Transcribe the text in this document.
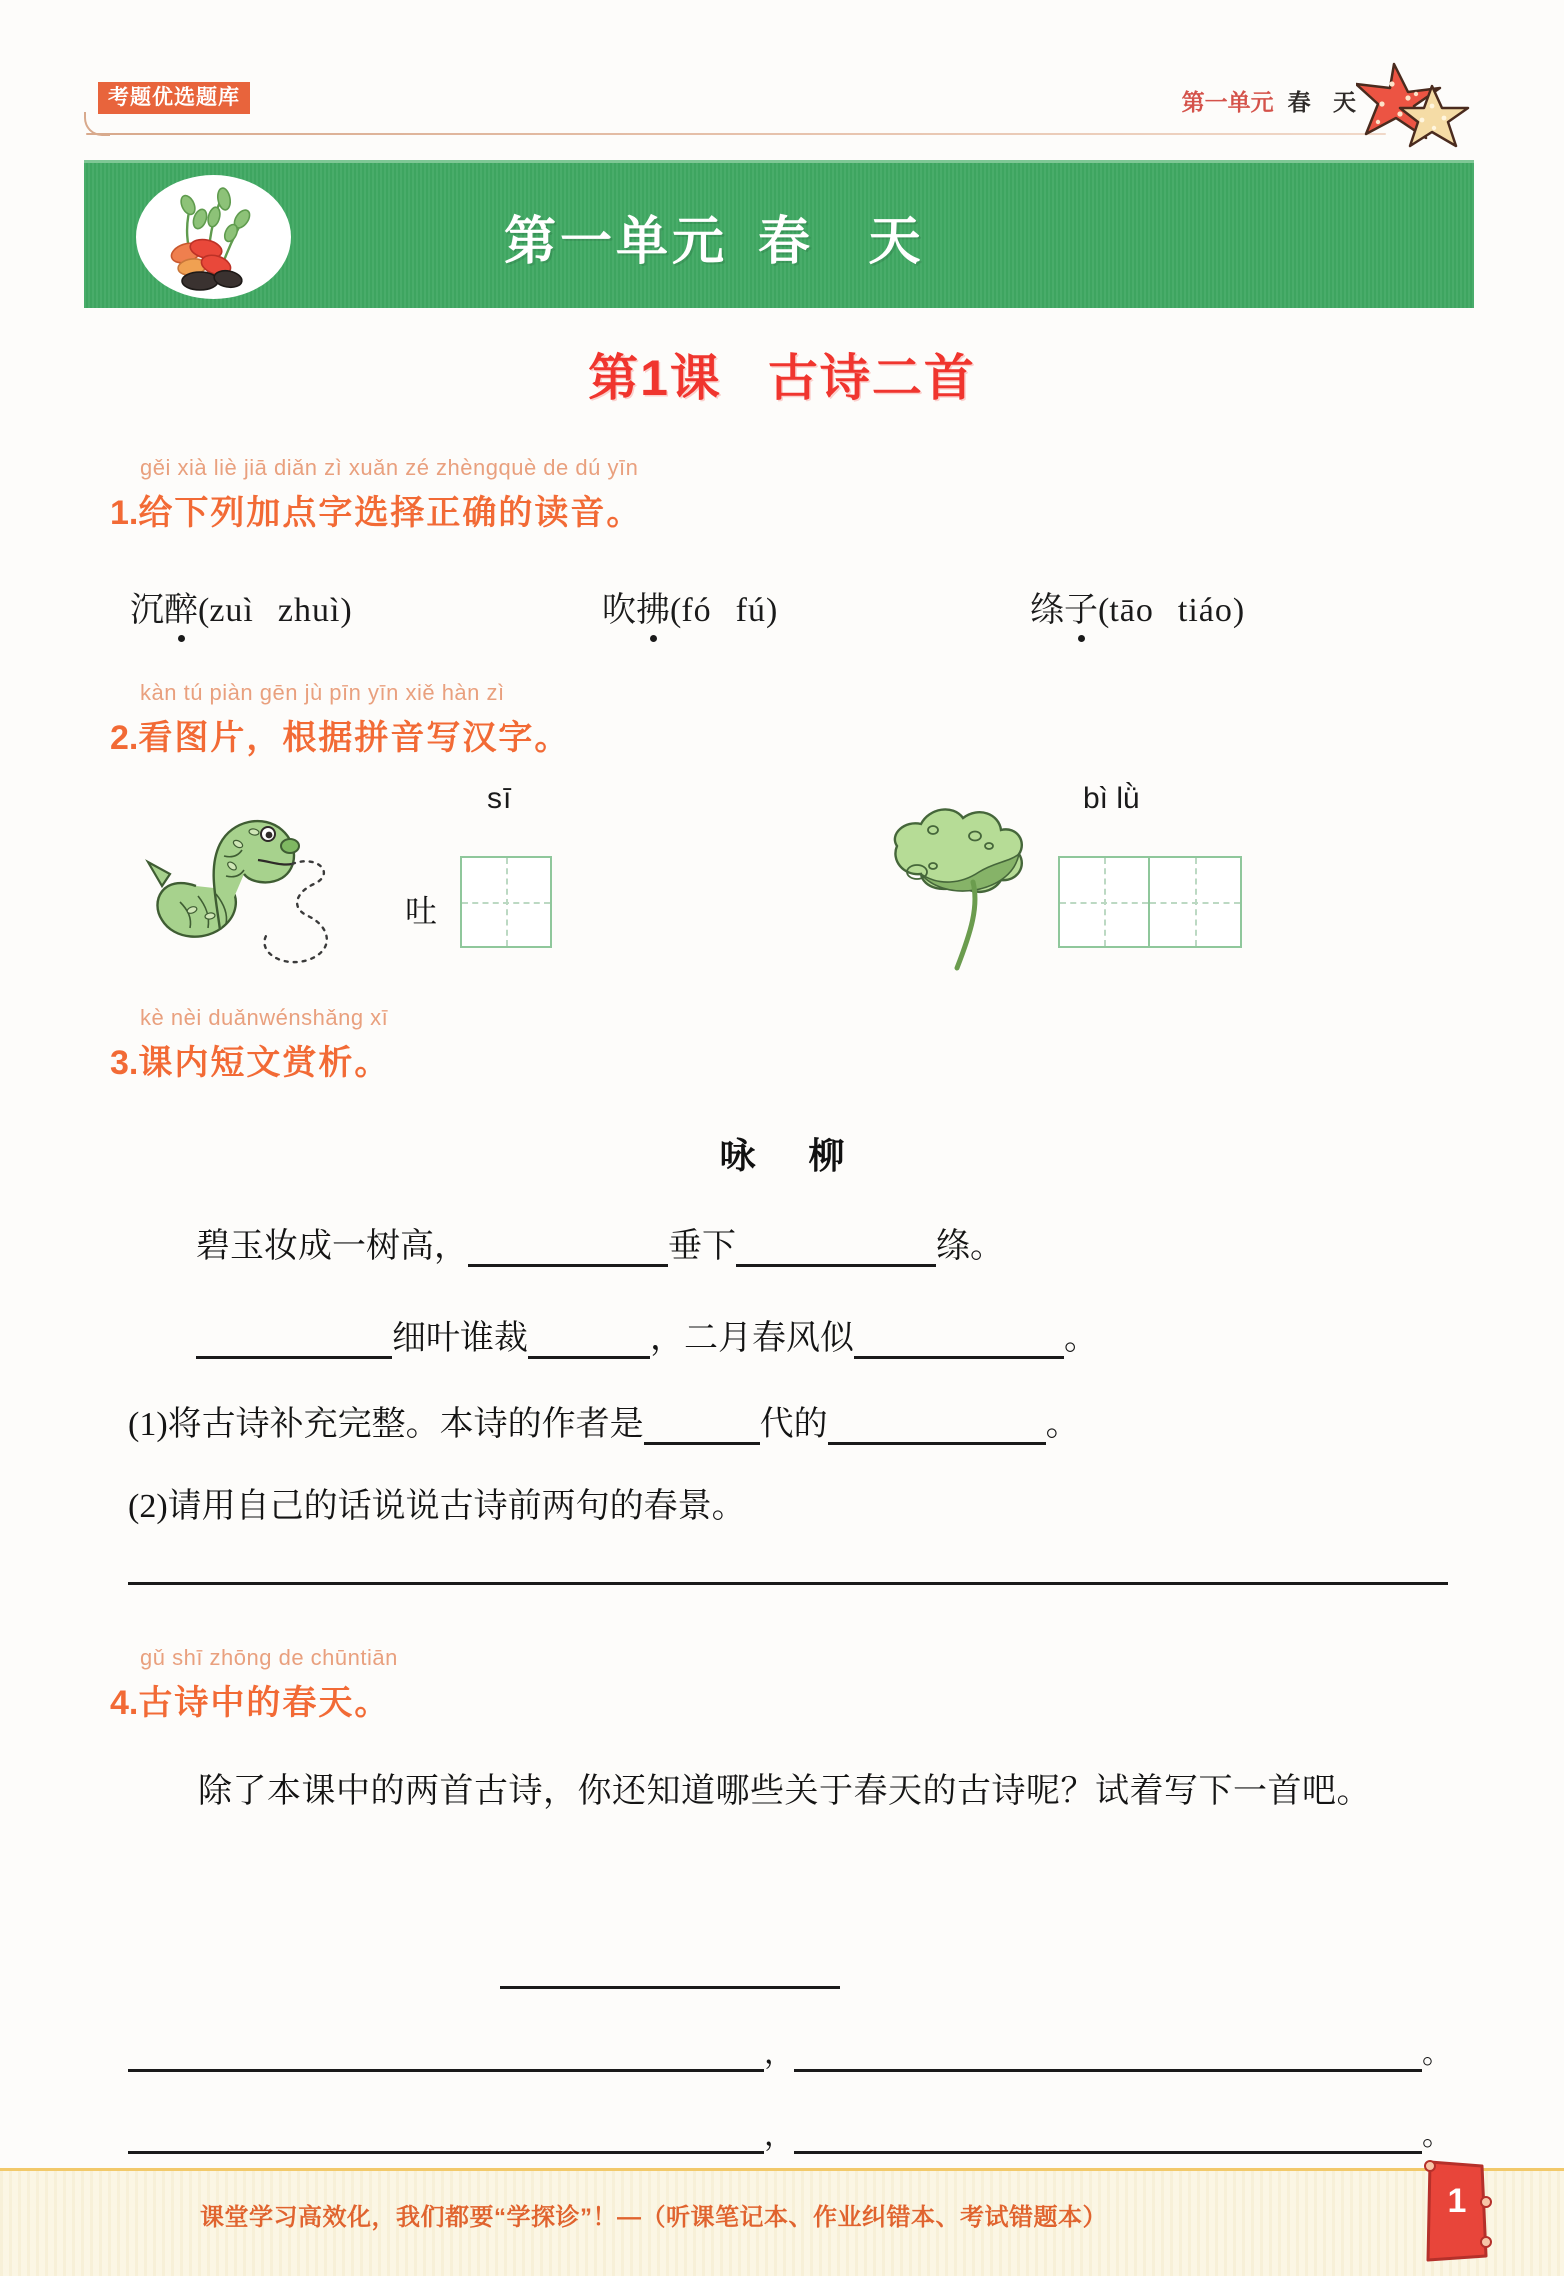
考题优选题库	第一单元 春 天
第一单元 春 天
第1课 古诗二首
gěi xià liè jiā diǎn zì xuǎn zé zhèngquè de dú yīn
1.给下列加点字选择正确的读音。
沉醉(zuì zhuì)	吹拂(fó fú)	绦子(tāo tiáo)
kàn tú piàn gēn jù pīn yīn xiě hàn zì
2.看图片，根据拼音写汉字。
sī
吐
bì lǜ
kè nèi duǎnwénshǎng xī
3.课内短文赏析。
咏 柳
碧玉妆成一树高，	垂下	绦。
细叶谁裁	，二月春风似	。
(1)将古诗补充完整。本诗的作者是	代的	。
(2)请用自己的话说说古诗前两句的春景。
gǔ shī zhōng de chūntiān
4.古诗中的春天。
除了本课中的两首古诗，你还知道哪些关于春天的古诗呢？试着写下一首吧。
，	。
，	。
课堂学习高效化，我们都要“学探诊”！—（听课笔记本、作业纠错本、考试错题本）	1
